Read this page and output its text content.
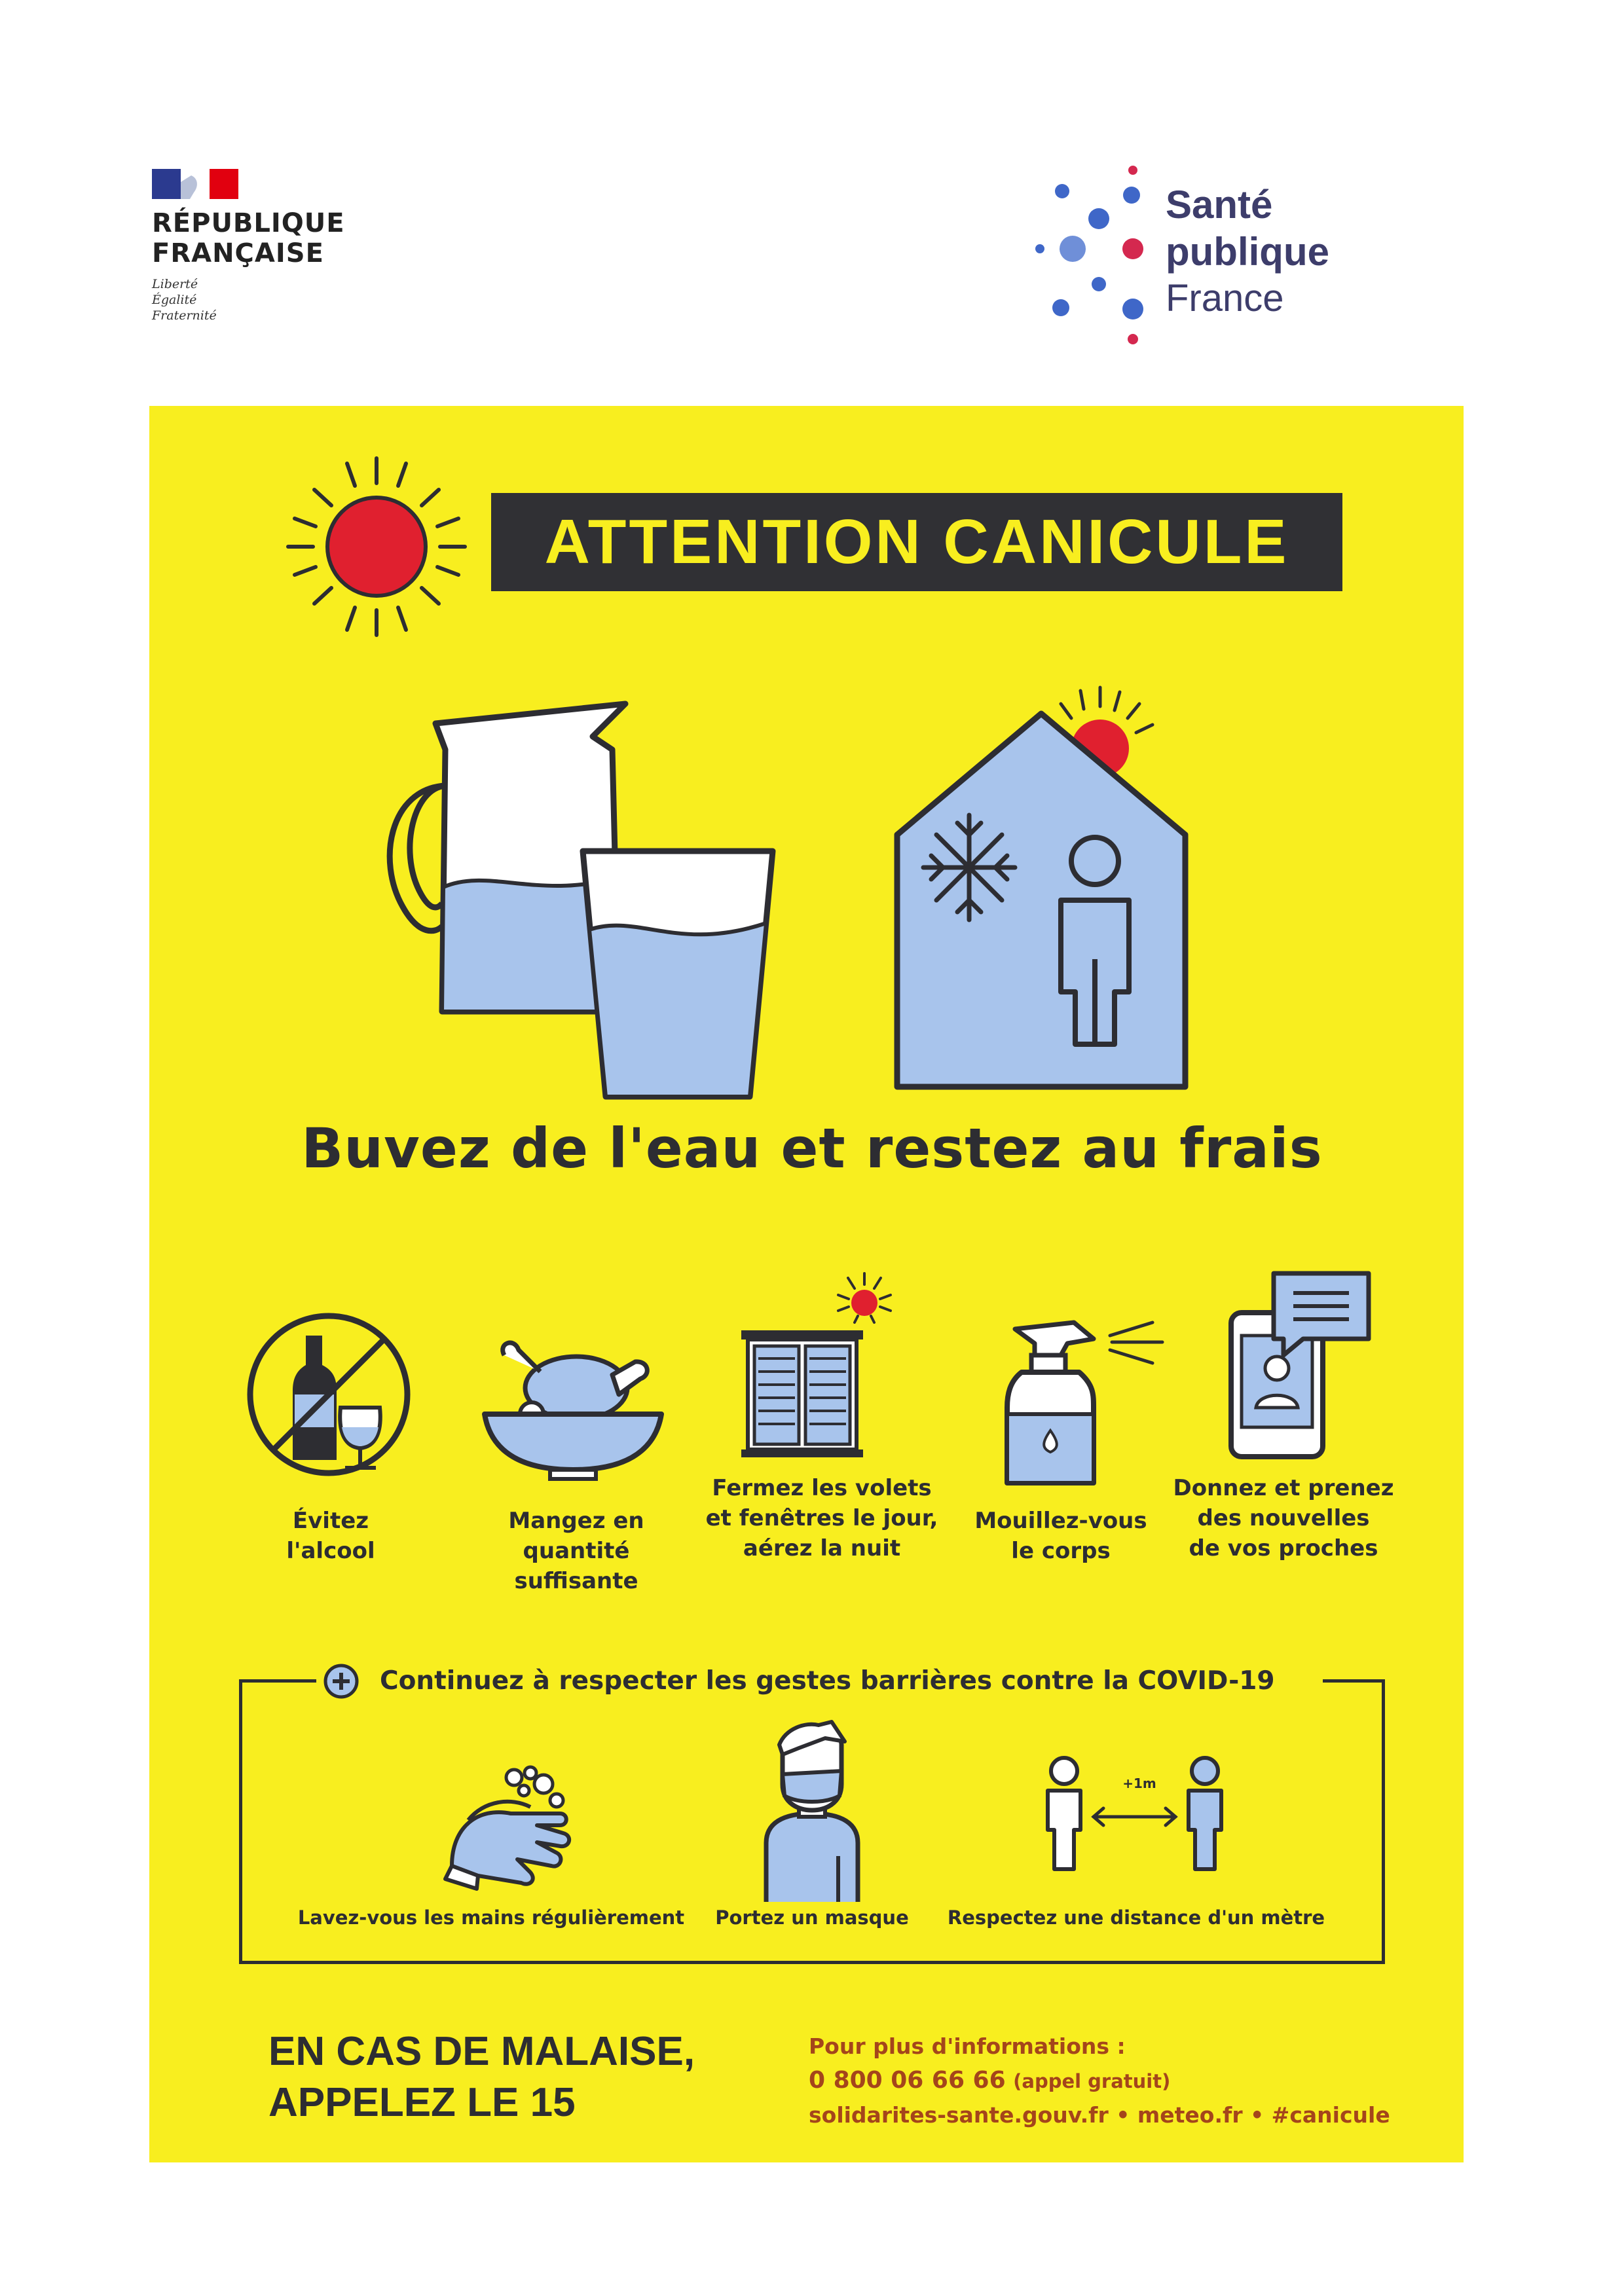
RÉPUBLIQUE
FRANÇAISE
Liberté
Égalité
Fraternité
Santé
publique
France
ATTENTION CANICULE
Buvez de l'eau et restez au frais
Évitez
l'alcool
Mangez en
quantité suffisante
Fermez les volets
et fenêtres le jour,
aérez la nuit
Mouillez-vous
le corps
Donnez et prenez
des nouvelles
de vos proches
Continuez à respecter les gestes barrières contre la COVID-19
Lavez-vous les mains régulièrement	Portez un masque
+1m
Respectez une distance d'un mètre
EN CAS DE MALAISE,
APPELEZ LE 15
Pour plus d'informations :
0 800 06 66 66 (appel gratuit)
solidarites-sante.gouv.fr • meteo.fr • #canicule
